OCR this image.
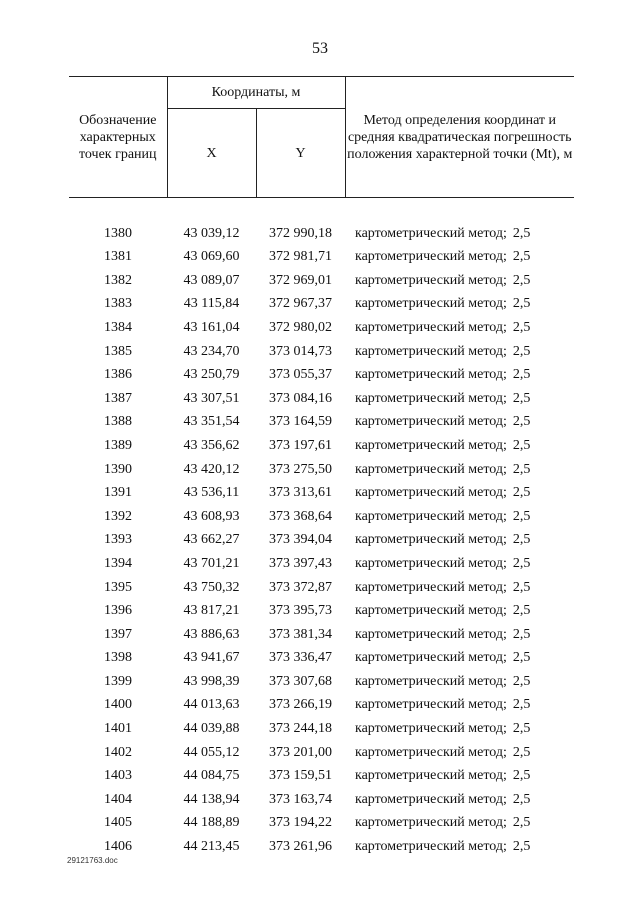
53
Обозначение характерных точек границ	Координаты, м		Метод определения координат и средняя квадратическая погрешность положения характерной точки (Mt), м
	X	Y	

1380	43 039,12	372 990,18	картометрический метод; 2,5
1381	43 069,60	372 981,71	картометрический метод; 2,5
1382	43 089,07	372 969,01	картометрический метод; 2,5
1383	43 115,84	372 967,37	картометрический метод; 2,5
1384	43 161,04	372 980,02	картометрический метод; 2,5
1385	43 234,70	373 014,73	картометрический метод; 2,5
1386	43 250,79	373 055,37	картометрический метод; 2,5
1387	43 307,51	373 084,16	картометрический метод; 2,5
1388	43 351,54	373 164,59	картометрический метод; 2,5
1389	43 356,62	373 197,61	картометрический метод; 2,5
1390	43 420,12	373 275,50	картометрический метод; 2,5
1391	43 536,11	373 313,61	картометрический метод; 2,5
1392	43 608,93	373 368,64	картометрический метод; 2,5
1393	43 662,27	373 394,04	картометрический метод; 2,5
1394	43 701,21	373 397,43	картометрический метод; 2,5
1395	43 750,32	373 372,87	картометрический метод; 2,5
1396	43 817,21	373 395,73	картометрический метод; 2,5
1397	43 886,63	373 381,34	картометрический метод; 2,5
1398	43 941,67	373 336,47	картометрический метод; 2,5
1399	43 998,39	373 307,68	картометрический метод; 2,5
1400	44 013,63	373 266,19	картометрический метод; 2,5
1401	44 039,88	373 244,18	картометрический метод; 2,5
1402	44 055,12	373 201,00	картометрический метод; 2,5
1403	44 084,75	373 159,51	картометрический метод; 2,5
1404	44 138,94	373 163,74	картометрический метод; 2,5
1405	44 188,89	373 194,22	картометрический метод; 2,5
1406	44 213,45	373 261,96	картометрический метод; 2,5
29121763.doc
